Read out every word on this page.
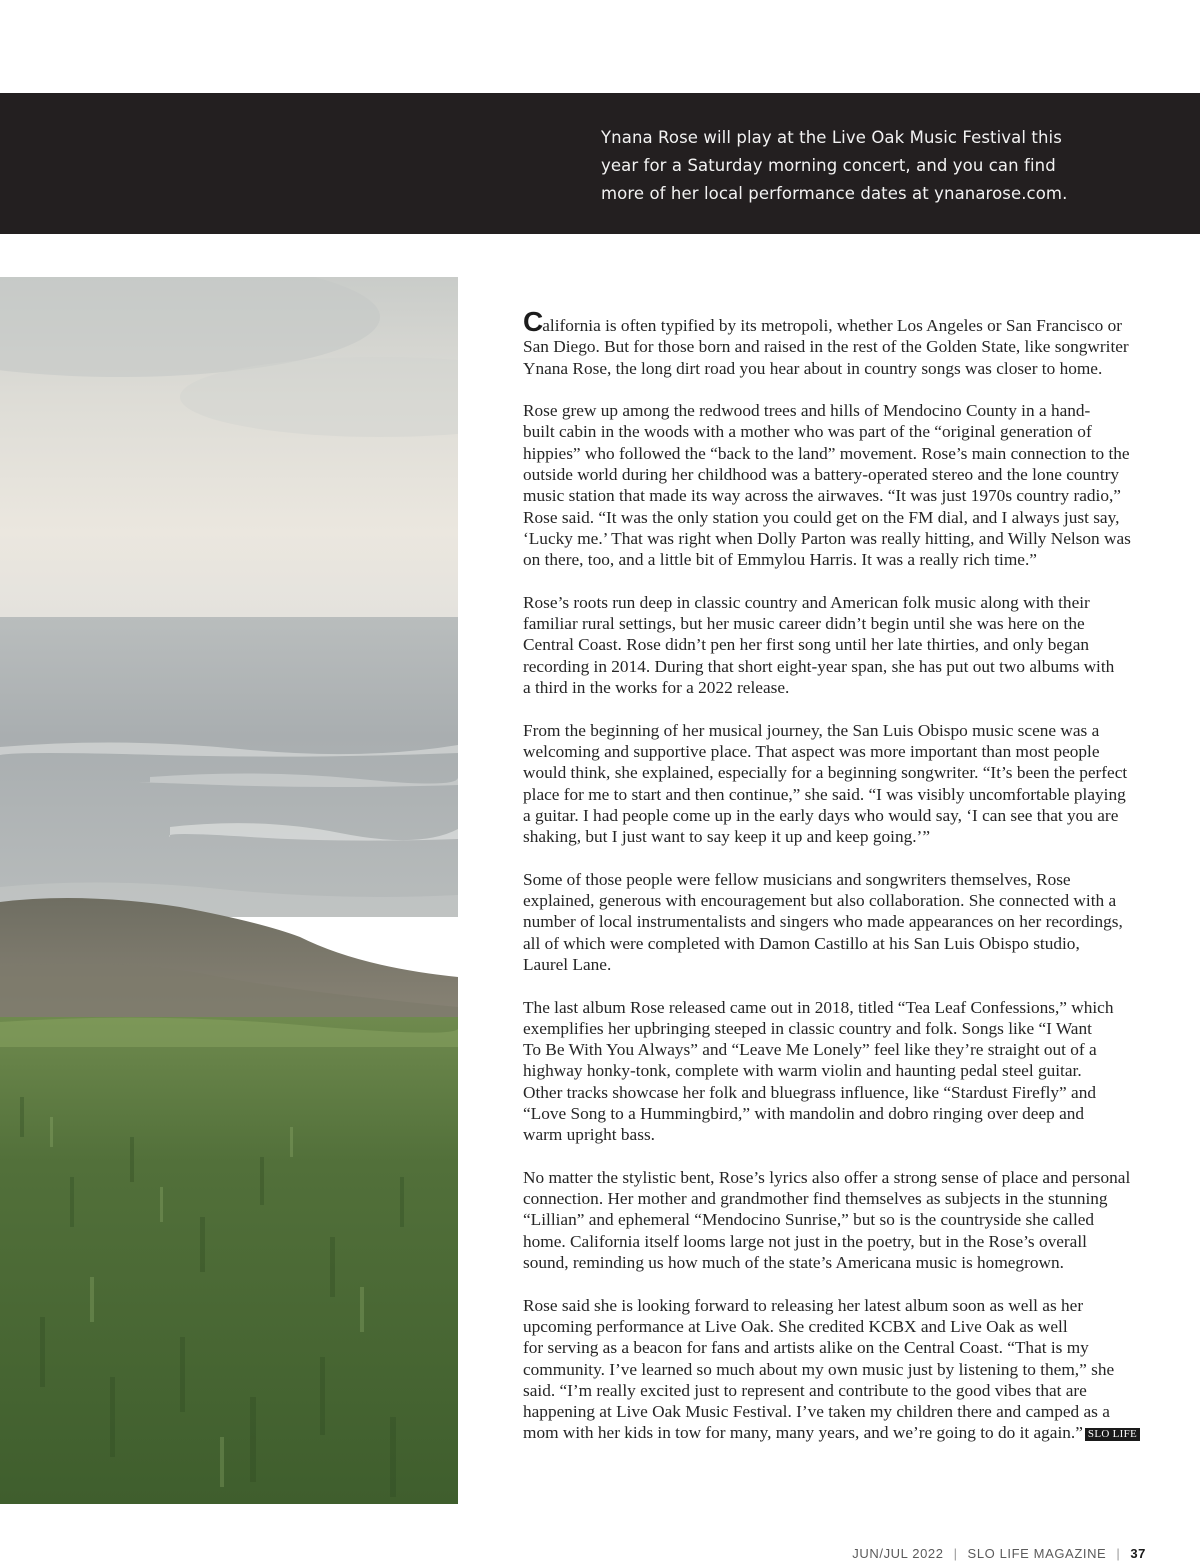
Ynana Rose will play at the Live Oak Music Festival this
year for a Saturday morning concert, and you can find
more of her local performance dates at ynanarose.com.

California is often typified by its metropoli, whether Los Angeles or San Francisco or
San Diego. But for those born and raised in the rest of the Golden State, like songwriter
Ynana Rose, the long dirt road you hear about in country songs was closer to home.

Rose grew up among the redwood trees and hills of Mendocino County in a hand-
built cabin in the woods with a mother who was part of the “original generation of
hippies” who followed the “back to the land” movement. Rose’s main connection to the
outside world during her childhood was a battery-operated stereo and the lone country
music station that made its way across the airwaves. “It was just 1970s country radio,”
Rose said. “It was the only station you could get on the FM dial, and I always just say,
‘Lucky me.’ That was right when Dolly Parton was really hitting, and Willy Nelson was
on there, too, and a little bit of Emmylou Harris. It was a really rich time.”

Rose’s roots run deep in classic country and American folk music along with their
familiar rural settings, but her music career didn’t begin until she was here on the
Central Coast. Rose didn’t pen her first song until her late thirties, and only began
recording in 2014. During that short eight-year span, she has put out two albums with
a third in the works for a 2022 release.

From the beginning of her musical journey, the San Luis Obispo music scene was a
welcoming and supportive place. That aspect was more important than most people
would think, she explained, especially for a beginning songwriter. “It’s been the perfect
place for me to start and then continue,” she said. “I was visibly uncomfortable playing
a guitar. I had people come up in the early days who would say, ‘I can see that you are
shaking, but I just want to say keep it up and keep going.’”

Some of those people were fellow musicians and songwriters themselves, Rose
explained, generous with encouragement but also collaboration. She connected with a
number of local instrumentalists and singers who made appearances on her recordings,
all of which were completed with Damon Castillo at his San Luis Obispo studio,
Laurel Lane.

The last album Rose released came out in 2018, titled “Tea Leaf Confessions,” which
exemplifies her upbringing steeped in classic country and folk. Songs like “I Want
To Be With You Always” and “Leave Me Lonely” feel like they’re straight out of a
highway honky-tonk, complete with warm violin and haunting pedal steel guitar.
Other tracks showcase her folk and bluegrass influence, like “Stardust Firefly” and
“Love Song to a Hummingbird,” with mandolin and dobro ringing over deep and
warm upright bass.

No matter the stylistic bent, Rose’s lyrics also offer a strong sense of place and personal
connection. Her mother and grandmother find themselves as subjects in the stunning
“Lillian” and ephemeral “Mendocino Sunrise,” but so is the countryside she called
home. California itself looms large not just in the poetry, but in the Rose’s overall
sound, reminding us how much of the state’s Americana music is homegrown.

Rose said she is looking forward to releasing her latest album soon as well as her
upcoming performance at Live Oak. She credited KCBX and Live Oak as well
for serving as a beacon for fans and artists alike on the Central Coast. “That is my
community. I’ve learned so much about my own music just by listening to them,” she
said. “I’m really excited just to represent and contribute to the good vibes that are
happening at Live Oak Music Festival. I’ve taken my children there and camped as a
mom with her kids in tow for many, many years, and we’re going to do it again.” SLO LIFE

JUN/JUL 2022 | SLO LIFE MAGAZINE | 37
